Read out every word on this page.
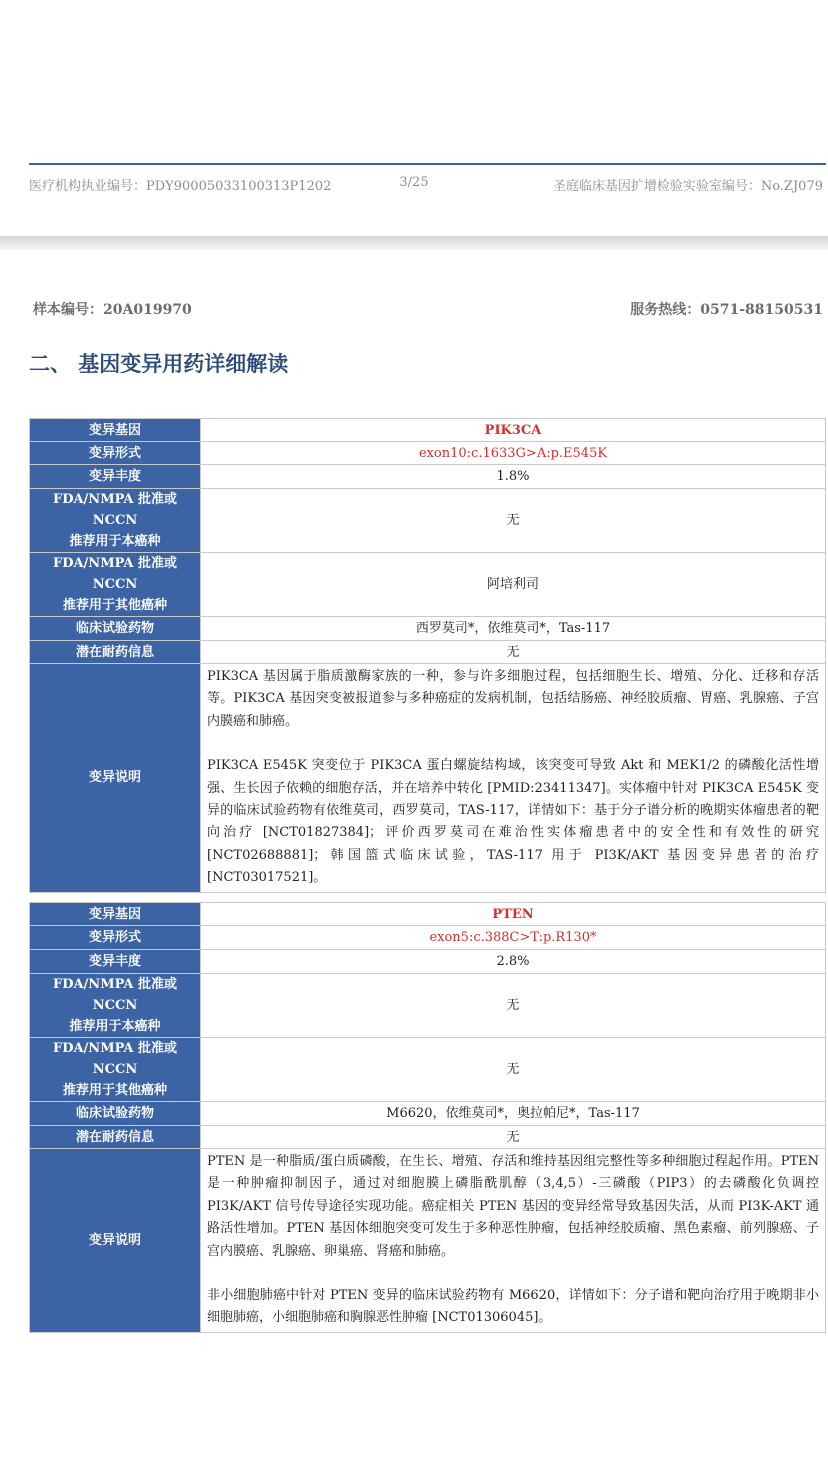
医疗机构执业编号：PDY90005033100313P1202	3/25	圣庭临床基因扩增检验实验室编号：No.ZJ079
样本编号：20A019970	服务热线：0571-88150531
二、 基因变异用药详细解读
变异基因	PIK3CA
变异形式	exon10:c.1633G>A:p.E545K
变异丰度	1.8%

FDA/NMPA 批准或 NCCN
推荐用于本癌种	无

FDA/NMPA 批准或 NCCN
推荐用于其他癌种	阿培利司
临床试验药物	西罗莫司*，依维莫司*，Tas-117
潜在耐药信息	无
变异说明	PIK3CA 基因属于脂质激酶家族的一种，参与许多细胞过程，包括细胞生长、增殖、分化、迁移和存活等。PIK3CA 基因突变被报道参与多种癌症的发病机制，包括结肠癌、神经胶质瘤、胃癌、乳腺癌、子宫内膜癌和肺癌。

PIK3CA E545K 突变位于 PIK3CA 蛋白螺旋结构域，该突变可导致 Akt 和 MEK1/2 的磷酸化活性增强、生长因子依赖的细胞存活，并在培养中转化 [PMID:23411347]。实体瘤中针对 PIK3CA E545K 变异的临床试验药物有依维莫司，西罗莫司，TAS-117，详情如下：基于分子谱分析的晚期实体瘤患者的靶向治疗 [NCT01827384]；评价西罗莫司在难治性实体瘤患者中的安全性和有效性的研究 [NCT02688881]；韩国篮式临床试验，TAS-117 用于 PI3K/AKT 基因变异患者的治疗 [NCT03017521]。

变异基因	PTEN
变异形式	exon5:c.388C>T:p.R130*
变异丰度	2.8%

FDA/NMPA 批准或 NCCN
推荐用于本癌种	无

FDA/NMPA 批准或 NCCN
推荐用于其他癌种	无
临床试验药物	M6620，依维莫司*，奥拉帕尼*，Tas-117
潜在耐药信息	无
变异说明	PTEN 是一种脂质/蛋白质磷酸，在生长、增殖、存活和维持基因组完整性等多种细胞过程起作用。PTEN 是一种肿瘤抑制因子，通过对细胞膜上磷脂酰肌醇（3,4,5）-三磷酸（PIP3）的去磷酸化负调控 PI3K/AKT 信号传导途径实现功能。癌症相关 PTEN 基因的变异经常导致基因失活，从而 PI3K-AKT 通路活性增加。PTEN 基因体细胞突变可发生于多种恶性肿瘤，包括神经胶质瘤、黑色素瘤、前列腺癌、子宫内膜癌、乳腺癌、卵巢癌、肾癌和肺癌。

非小细胞肺癌中针对 PTEN 变异的临床试验药物有 M6620，详情如下：分子谱和靶向治疗用于晚期非小细胞肺癌，小细胞肺癌和胸腺恶性肿瘤 [NCT01306045]。
